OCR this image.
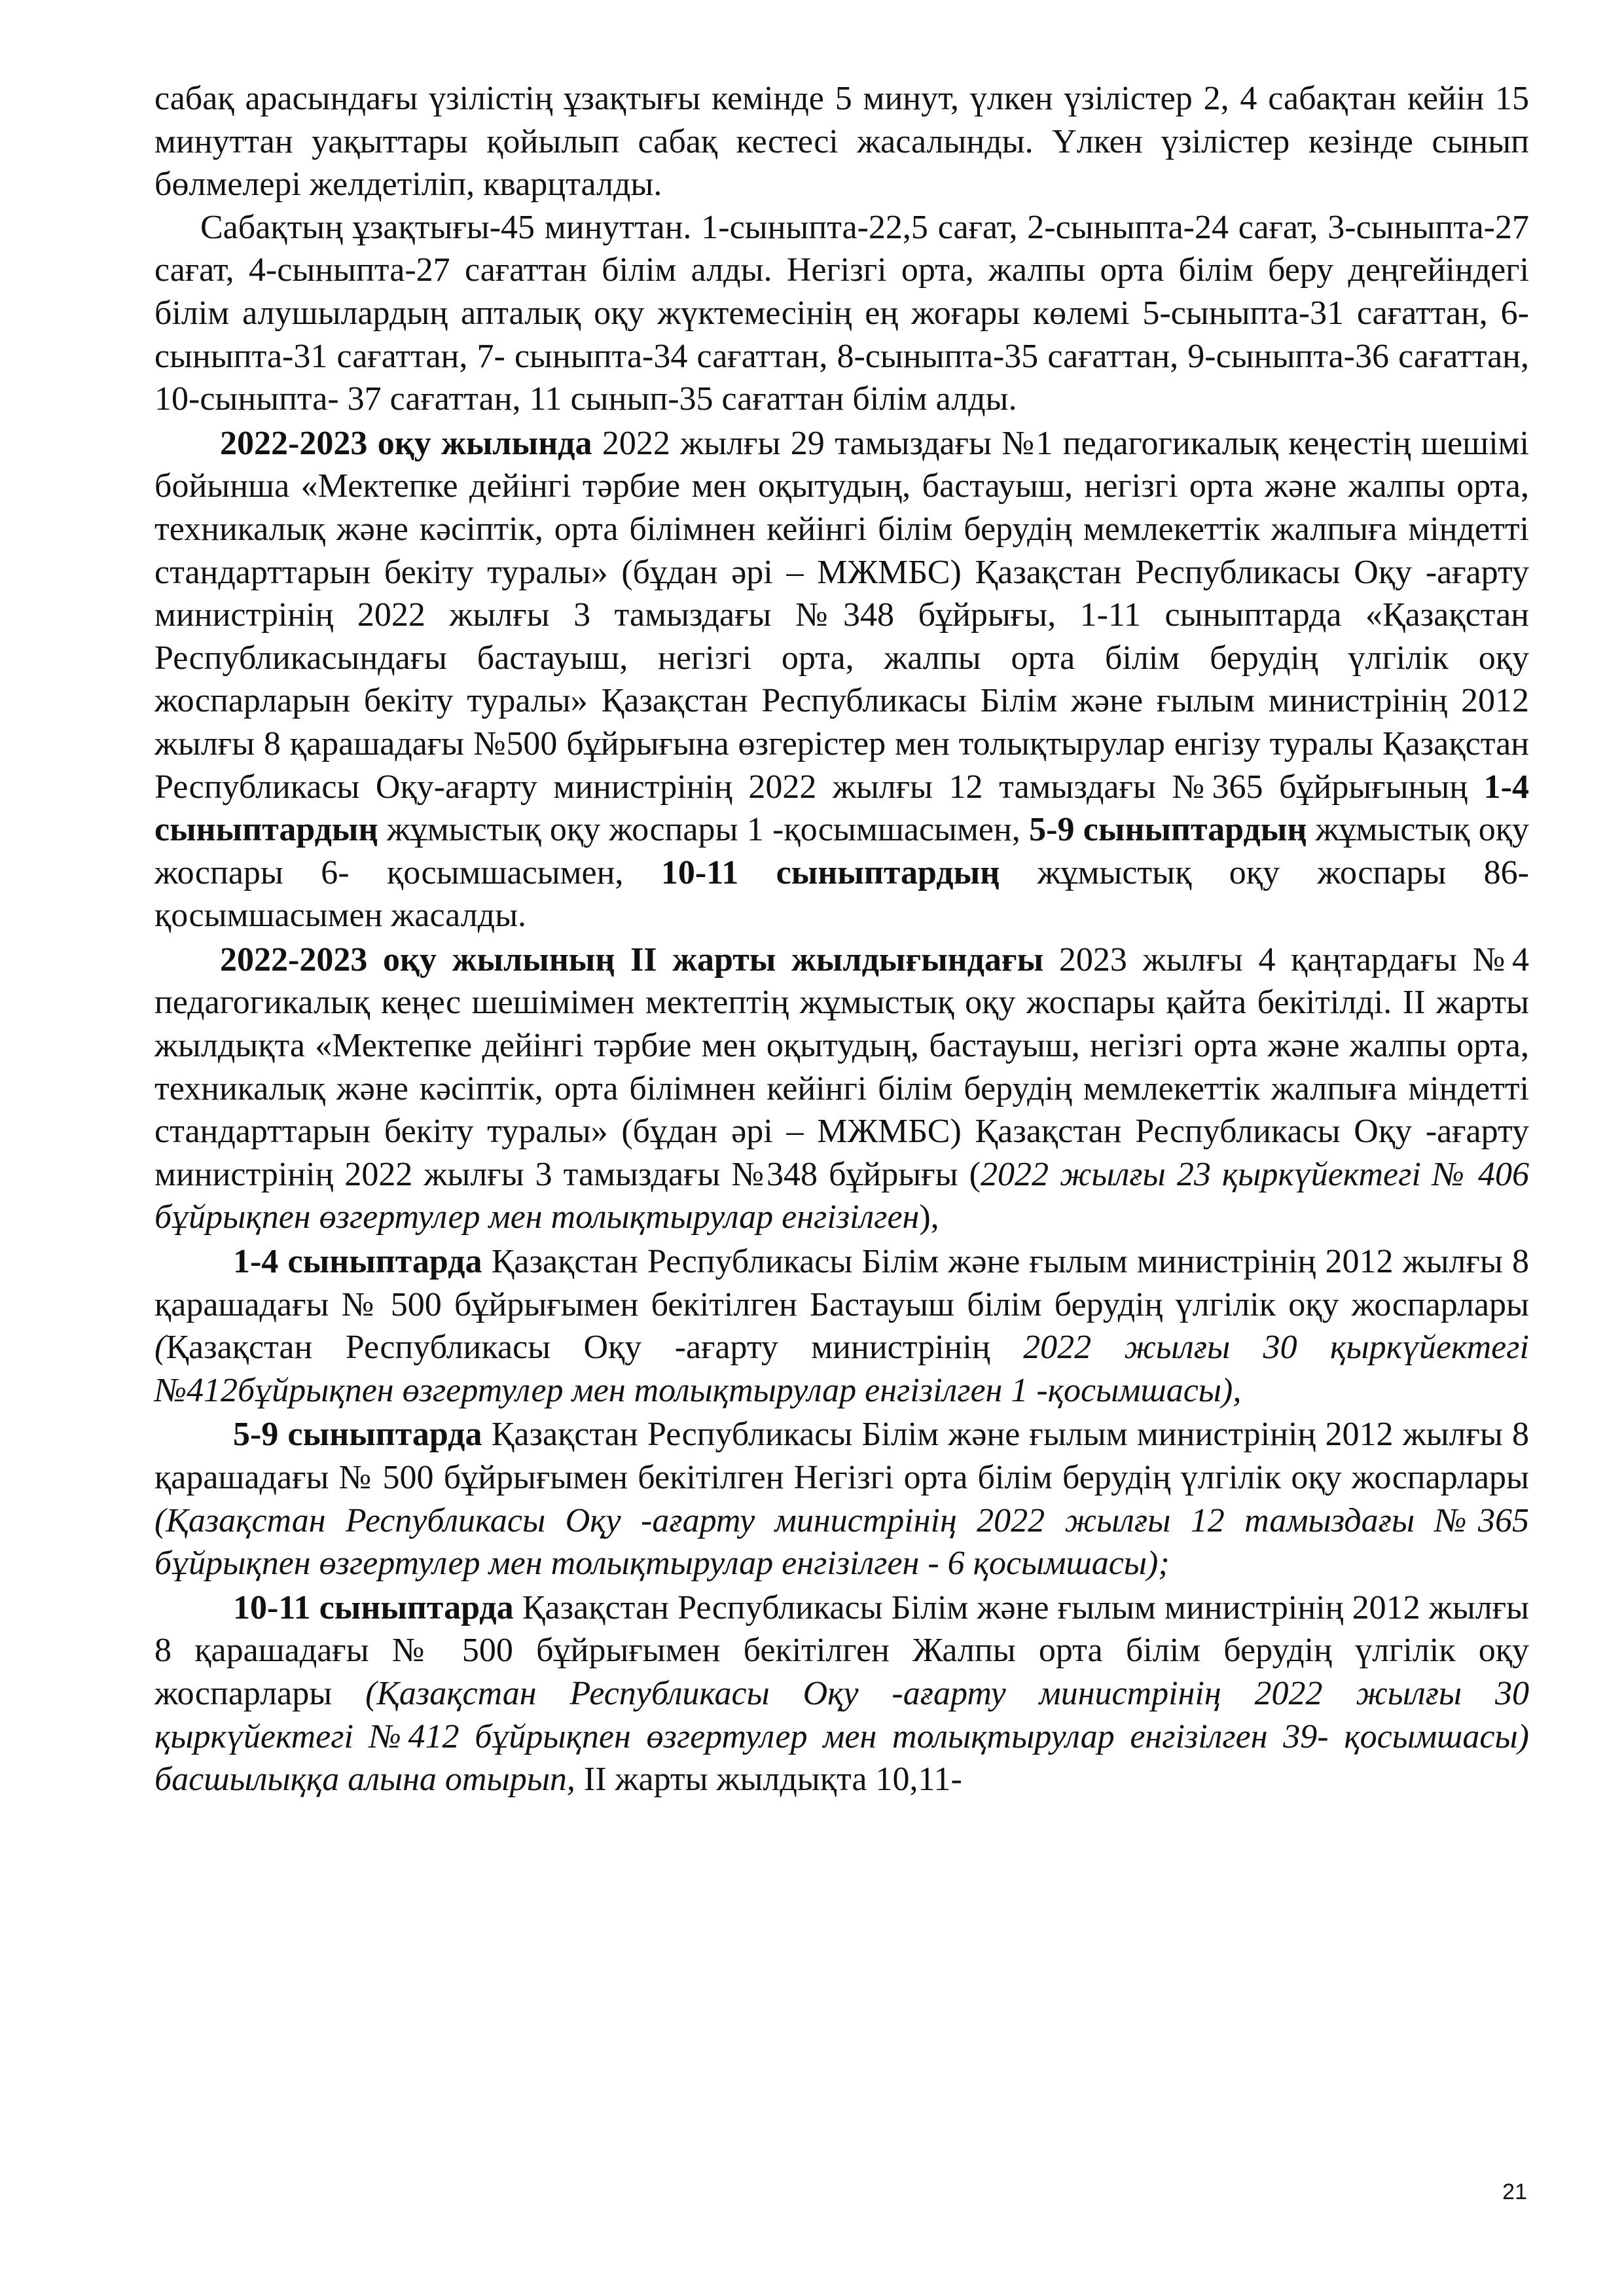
сабақ арасындағы үзілістің ұзақтығы кемінде 5 минут, үлкен үзілістер 2, 4 сабақтан кейін 15 минуттан уақыттары қойылып сабақ кестесі жасалынды. Үлкен үзілістер кезінде сынып бөлмелері желдетіліп, кварцталды.

Сабақтың ұзақтығы-45 минуттан. 1-сыныпта-22,5 сағат, 2-сыныпта-24 сағат, 3-сыныпта-27 сағат, 4-сыныпта-27 сағаттан білім алды. Негізгі орта, жалпы орта білім беру деңгейіндегі білім алушылардың апталық оқу жүктемесінің ең жоғары көлемі 5-сыныпта-31 сағаттан, 6-сыныпта-31 сағаттан, 7- сыныпта-34 сағаттан, 8-сыныпта-35 сағаттан, 9-сыныпта-36 сағаттан, 10-сыныпта- 37 сағаттан, 11 сынып-35 сағаттан білім алды.

2022-2023 оқу жылында 2022 жылғы 29 тамыздағы №1 педагогикалық кеңестің шешімі бойынша «Мектепке дейінгі тәрбие мен оқытудың, бастауыш, негізгі орта және жалпы орта, техникалық және кәсіптік, орта білімнен кейінгі білім берудің мемлекеттік жалпыға міндетті стандарттарын бекіту туралы» (бұдан әрі – МЖМБС) Қазақстан Республикасы Оқу -ағарту министрінің 2022 жылғы 3 тамыздағы №348 бұйрығы, 1-11 сыныптарда «Қазақстан Республикасындағы бастауыш, негізгі орта, жалпы орта білім берудің үлгілік оқу жоспарларын бекіту туралы» Қазақстан Республикасы Білім және ғылым министрінің 2012 жылғы 8 қарашадағы №500 бұйрығына өзгерістер мен толықтырулар енгізу туралы Қазақстан Республикасы Оқу-ағарту министрінің 2022 жылғы 12 тамыздағы №365 бұйрығының 1-4 сыныптардың жұмыстық оқу жоспары 1 -қосымшасымен, 5-9 сыныптардың жұмыстық оқу жоспары 6- қосымшасымен, 10-11 сыныптардың жұмыстық оқу жоспары 86- қосымшасымен жасалды.

2022-2023 оқу жылының ІІ жарты жылдығындағы 2023 жылғы 4 қаңтардағы №4 педагогикалық кеңес шешімімен мектептің жұмыстық оқу жоспары қайта бекітілді. ІІ жарты жылдықта «Мектепке дейінгі тәрбие мен оқытудың, бастауыш, негізгі орта және жалпы орта, техникалық және кәсіптік, орта білімнен кейінгі білім берудің мемлекеттік жалпыға міндетті стандарттарын бекіту туралы» (бұдан әрі – МЖМБС) Қазақстан Республикасы Оқу -ағарту министрінің 2022 жылғы 3 тамыздағы №348 бұйрығы (2022 жылғы 23 қыркүйектегі № 406 бұйрықпен өзгертулер мен толықтырулар енгізілген),

1-4 сыныптарда Қазақстан Республикасы Білім және ғылым министрінің 2012 жылғы 8 қарашадағы № 500 бұйрығымен бекітілген Бастауыш білім берудің үлгілік оқу жоспарлары (Қазақстан Республикасы Оқу -ағарту министрінің 2022 жылғы 30 қыркүйектегі №412бұйрықпен өзгертулер мен толықтырулар енгізілген 1 -қосымшасы),

5-9 сыныптарда Қазақстан Республикасы Білім және ғылым министрінің 2012 жылғы 8 қарашадағы № 500 бұйрығымен бекітілген Негізгі орта білім берудің үлгілік оқу жоспарлары (Қазақстан Республикасы Оқу -ағарту министрінің 2022 жылғы 12 тамыздағы №365 бұйрықпен өзгертулер мен толықтырулар енгізілген - 6 қосымшасы);

10-11 сыныптарда Қазақстан Республикасы Білім және ғылым министрінің 2012 жылғы 8 қарашадағы № 500 бұйрығымен бекітілген Жалпы орта білім берудің үлгілік оқу жоспарлары (Қазақстан Республикасы Оқу -ағарту министрінің 2022 жылғы 30 қыркүйектегі №412 бұйрықпен өзгертулер мен толықтырулар енгізілген 39- қосымшасы) басшылыққа алына отырып, ІІ жарты жылдықта 10,11-

21
